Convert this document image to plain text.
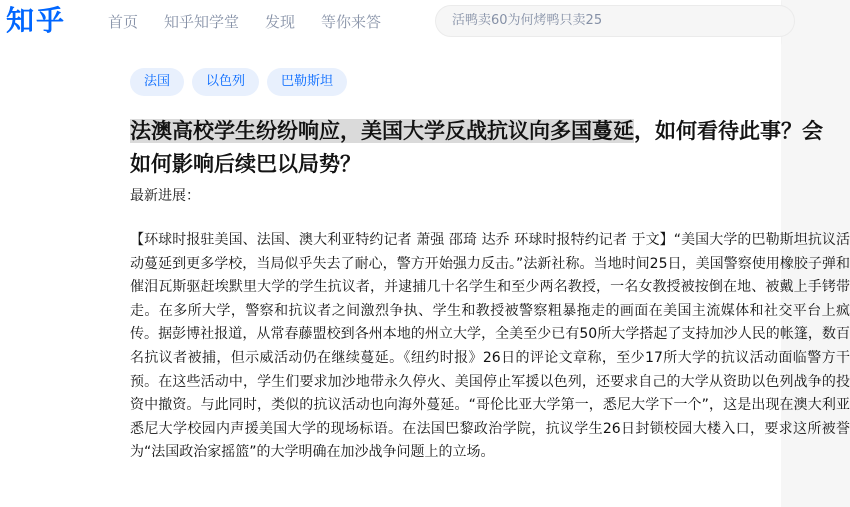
知乎	首页 知乎知学堂 发现 等你来答
活鸭卖60为何烤鸭只卖25
法国	以色列	巴勒斯坦
法澳高校学生纷纷响应，美国大学反战抗议向多国蔓延，如何看待此事？会如何影响后续巴以局势？
最新进展：

【环球时报驻美国、法国、澳大利亚特约记者 萧强 邵琦 达乔 环球时报特约记者 于文】“美国大学的巴勒斯坦抗议活动蔓延到更多学校，当局似乎失去了耐心，警方开始强力反击。”法新社称。当地时间25日，美国警察使用橡胶子弹和催泪瓦斯驱赶埃默里大学的学生抗议者，并逮捕几十名学生和至少两名教授，一名女教授被按倒在地、被戴上手铐带走。在多所大学，警察和抗议者之间激烈争执、学生和教授被警察粗暴拖走的画面在美国主流媒体和社交平台上疯传。据彭博社报道，从常春藤盟校到各州本地的州立大学，全美至少已有50所大学搭起了支持加沙人民的帐篷，数百名抗议者被捕，但示威活动仍在继续蔓延。《纽约时报》26日的评论文章称，至少17所大学的抗议活动面临警方干预。在这些活动中，学生们要求加沙地带永久停火、美国停止军援以色列，还要求自己的大学从资助以色列战争的投资中撤资。与此同时，类似的抗议活动也向海外蔓延。“哥伦比亚大学第一，悉尼大学下一个”，这是出现在澳大利亚悉尼大学校园内声援美国大学的现场标语。在法国巴黎政治学院，抗议学生26日封锁校园大楼入口，要求这所被誉为“法国政治家摇篮”的大学明确在加沙战争问题上的立场。
